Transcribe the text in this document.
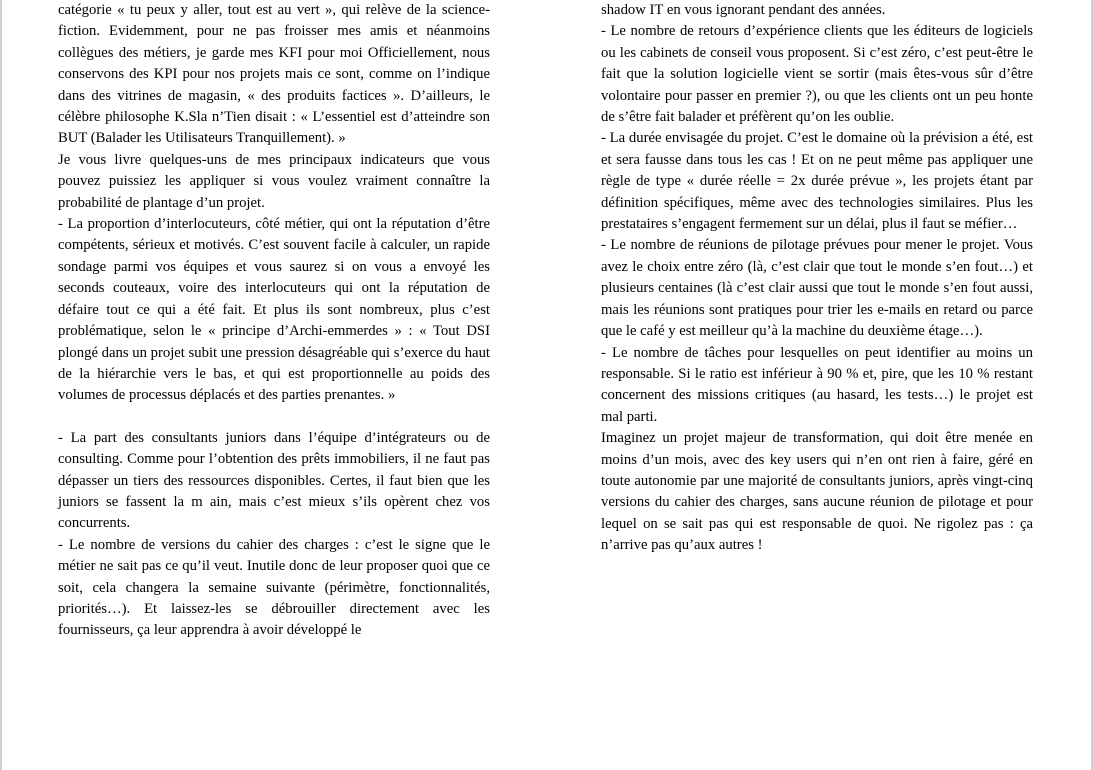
catégorie « tu peux y aller, tout est au vert », qui relève de la science-fiction. Evidemment, pour ne pas froisser mes amis et néanmoins collègues des métiers, je garde mes KFI pour moi Officiellement, nous conservons des KPI pour nos projets mais ce sont, comme on l’indique dans des vitrines de magasin, « des produits factices ». D’ailleurs, le célèbre philosophe K.Sla n’Tien disait : « L’essentiel est d’atteindre son BUT (Balader les Utilisateurs Tranquillement). »

Je vous livre quelques-uns de mes principaux indicateurs que vous pouvez puissiez les appliquer si vous voulez vraiment connaître la probabilité de plantage d’un projet.

- La proportion d’interlocuteurs, côté métier, qui ont la réputation d’être compétents, sérieux et motivés. C’est souvent facile à calculer, un rapide sondage parmi vos équipes et vous saurez si on vous a envoyé les seconds couteaux, voire des interlocuteurs qui ont la réputation de défaire tout ce qui a été fait. Et plus ils sont nombreux, plus c’est problématique, selon le « principe d’Archi-emmerdes » : « Tout DSI plongé dans un projet subit une pression désagréable qui s’exerce du haut de la hiérarchie vers le bas, et qui est proportionnelle au poids des volumes de processus déplacés et des parties prenantes. »

- La part des consultants juniors dans l’équipe d’intégrateurs ou de consulting. Comme pour l’obtention des prêts immobiliers, il ne faut pas dépasser un tiers des ressources disponibles. Certes, il faut bien que les juniors se fassent la m ain, mais c’est mieux s’ils opèrent chez vos concurrents.

- Le nombre de versions du cahier des charges : c’est le signe que le métier ne sait pas ce qu’il veut. Inutile donc de leur proposer quoi que ce soit, cela changera la semaine suivante (périmètre, fonctionnalités, priorités…). Et laissez-les se débrouiller directement avec les fournisseurs, ça leur apprendra à avoir développé le

shadow IT en vous ignorant pendant des années.

- Le nombre de retours d’expérience clients que les éditeurs de logiciels ou les cabinets de conseil vous proposent. Si c’est zéro, c’est peut-être le fait que la solution logicielle vient se sortir (mais êtes-vous sûr d’être volontaire pour passer en premier ?), ou que les clients ont un peu honte de s’être fait balader et préfèrent qu’on les oublie.

- La durée envisagée du projet. C’est le domaine où la prévision a été, est et sera fausse dans tous les cas ! Et on ne peut même pas appliquer une règle de type « durée réelle = 2x durée prévue », les projets étant par définition spécifiques, même avec des technologies similaires. Plus les prestataires s’engagent fermement sur un délai, plus il faut se méfier…

- Le nombre de réunions de pilotage prévues pour mener le projet. Vous avez le choix entre zéro (là, c’est clair que tout le monde s’en fout…) et plusieurs centaines (là c’est clair aussi que tout le monde s’en fout aussi, mais les réunions sont pratiques pour trier les e-mails en retard ou parce que le café y est meilleur qu’à la machine du deuxième étage…).

- Le nombre de tâches pour lesquelles on peut identifier au moins un responsable. Si le ratio est inférieur à 90 % et, pire, que les 10 % restant concernent des missions critiques (au hasard, les tests…) le projet est mal parti.

Imaginez un projet majeur de transformation, qui doit être menée en moins d’un mois, avec des key users qui n’en ont rien à faire, géré en toute autonomie par une majorité de consultants juniors, après vingt-cinq versions du cahier des charges, sans aucune réunion de pilotage et pour lequel on se sait pas qui est responsable de quoi. Ne rigolez pas : ça n’arrive pas qu’aux autres !
